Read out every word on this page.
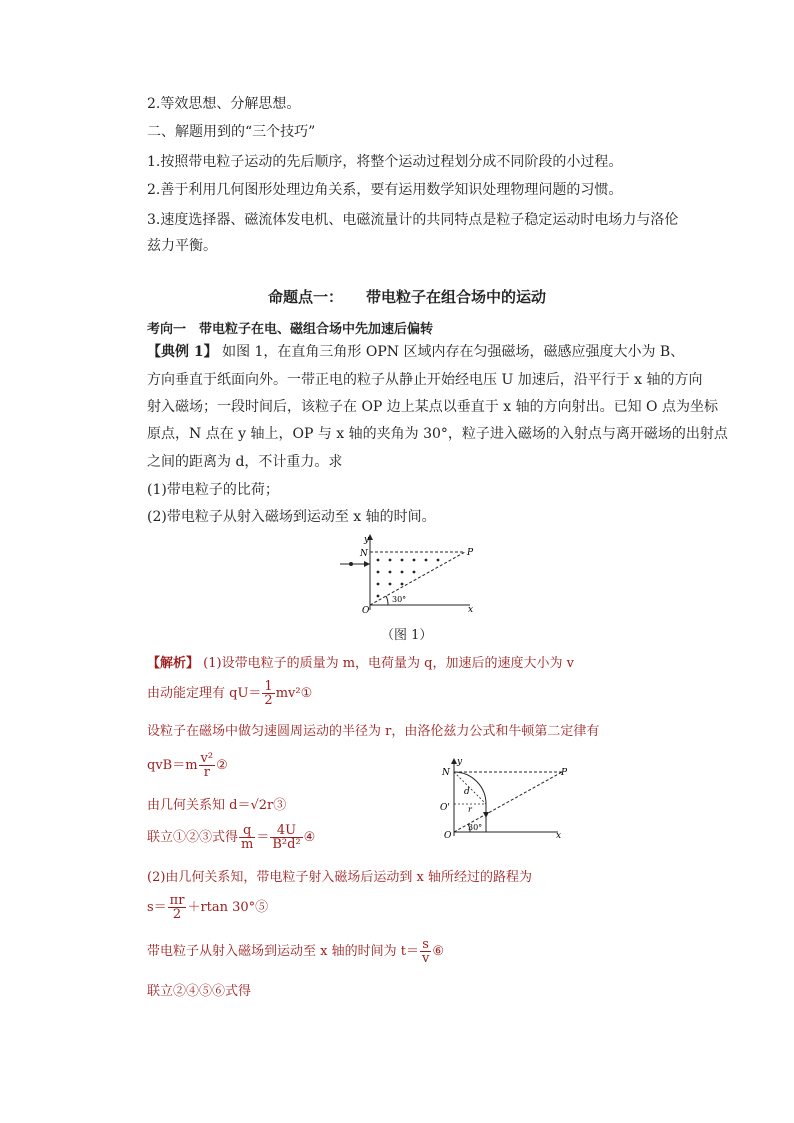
2.等效思想、分解思想。
二、解题用到的“三个技巧”
1.按照带电粒子运动的先后顺序，将整个运动过程划分成不同阶段的小过程。
2.善于利用几何图形处理边角关系，要有运用数学知识处理物理问题的习惯。
3.速度选择器、磁流体发电机、电磁流量计的共同特点是粒子稳定运动时电场力与洛伦
兹力平衡。
命题点一： 带电粒子在组合场中的运动
考向一　带电粒子在电、磁组合场中先加速后偏转
【典例 1】 如图 1，在直角三角形 OPN 区域内存在匀强磁场，磁感应强度大小为 B、
方向垂直于纸面向外。一带正电的粒子从静止开始经电压 U 加速后，沿平行于 x 轴的方向
射入磁场；一段时间后，该粒子在 OP 边上某点以垂直于 x 轴的方向射出。已知 O 点为坐标
原点，N 点在 y 轴上，OP 与 x 轴的夹角为 30°，粒子进入磁场的入射点与离开磁场的出射点
之间的距离为 d，不计重力。求
(1)带电粒子的比荷；
(2)带电粒子从射入磁场到运动至 x 轴的时间。
y
N	P
O	x
30°
（图 1）
【解析】 (1)设带电粒子的质量为 m，电荷量为 q，加速后的速度大小为 v
由动能定理有 $qU= \frac{1}{2}$ mv²①
设粒子在磁场中做匀速圆周运动的半径为 r，由洛伦兹力公式和牛顿第二定律有
$qvB=m \frac{\text{v²}}{r}$ ②
由几何关系知 d＝√2r③
联立①②③式得 $\frac{q}{m} = \frac{4U}{\text{B²d²}}$ ④
(2)由几何关系知，带电粒子射入磁场后运动到 x 轴所经过的路程为
$s= \frac{\pi r}{2} +rtan$ 30°⑤
带电粒子从射入磁场到运动至 x 轴的时间为 $t= \frac{s}{v}$ ⑥
联立②④⑤⑥式得
y
N	P
O'
O
d
r
x
30°
